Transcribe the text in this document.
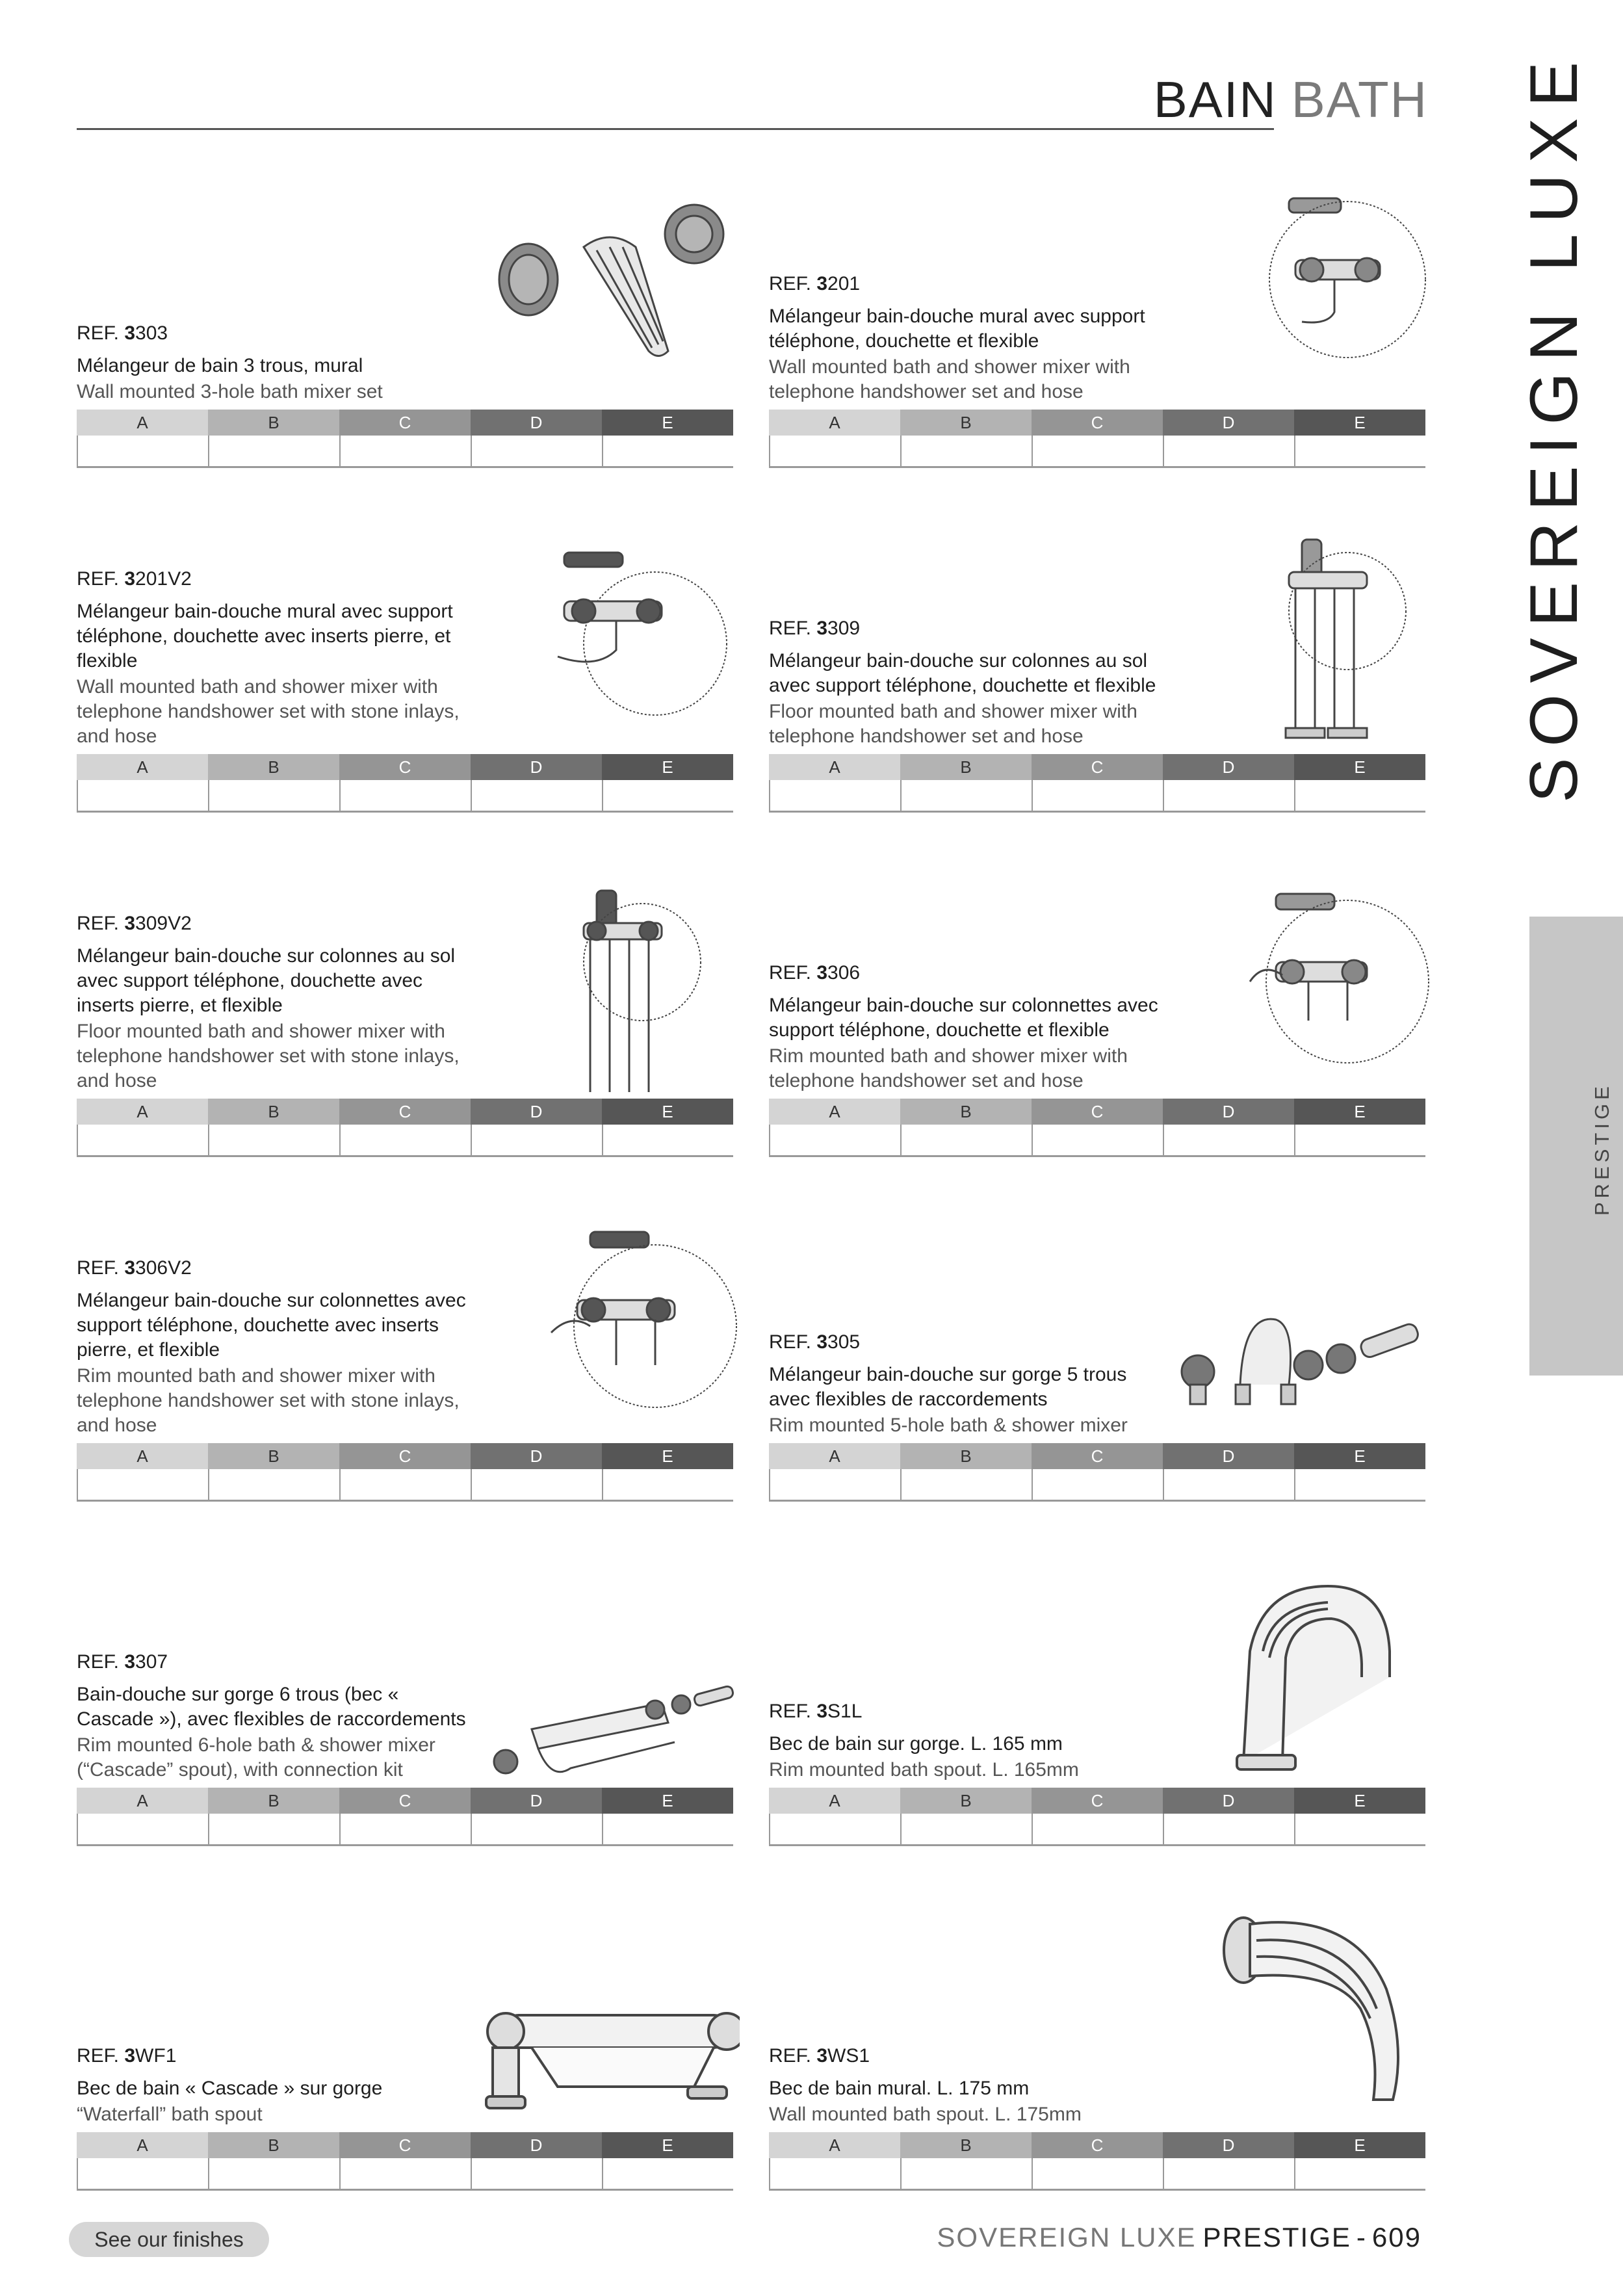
BAIN BATH SOVEREIGN LUXE
PRESTIGE
REF. 3303
Mélangeur de bain 3 trous, mural
Wall mounted 3-hole bath mixer set
A	B	C	D	E
REF. 3201
Mélangeur bain-douche mural avec support téléphone, douchette et flexible
Wall mounted bath and shower mixer with telephone handshower set and hose
A	B	C	D	E
REF. 3201V2
Mélangeur bain-douche mural avec support téléphone, douchette avec inserts pierre, et flexible
Wall mounted bath and shower mixer with telephone handshower set with stone inlays, and hose
A	B	C	D	E
REF. 3309
Mélangeur bain-douche sur colonnes au sol avec support téléphone, douchette et flexible
Floor mounted bath and shower mixer with telephone handshower set and hose
A	B	C	D	E
REF. 3309V2
Mélangeur bain-douche sur colonnes au sol avec support téléphone, douchette avec inserts pierre, et flexible
Floor mounted bath and shower mixer with telephone handshower set with stone inlays, and hose
A	B	C	D	E
REF. 3306
Mélangeur bain-douche sur colonnettes avec support téléphone, douchette et flexible
Rim mounted bath and shower mixer with telephone handshower set and hose
A	B	C	D	E
REF. 3306V2
Mélangeur bain-douche sur colonnettes avec support téléphone, douchette avec inserts pierre, et flexible
Rim mounted bath and shower mixer with telephone handshower set with stone inlays, and hose
A	B	C	D	E
REF. 3305
Mélangeur bain-douche sur gorge 5 trous avec flexibles de raccordements
Rim mounted 5-hole bath & shower mixer
A	B	C	D	E
REF. 3307
Bain-douche sur gorge 6 trous (bec « Cascade »), avec flexibles de raccordements
Rim mounted 6-hole bath & shower mixer (“Cascade” spout), with connection kit
A	B	C	D	E
REF. 3S1L
Bec de bain sur gorge. L. 165 mm
Rim mounted bath spout. L. 165mm
A	B	C	D	E
REF. 3WF1
Bec de bain « Cascade » sur gorge
“Waterfall” bath spout
A	B	C	D	E
REF. 3WS1
Bec de bain mural. L. 175 mm
Wall mounted bath spout. L. 175mm
A	B	C	D	E
See our finishes	SOVEREIGN LUXE PRESTIGE - 609
